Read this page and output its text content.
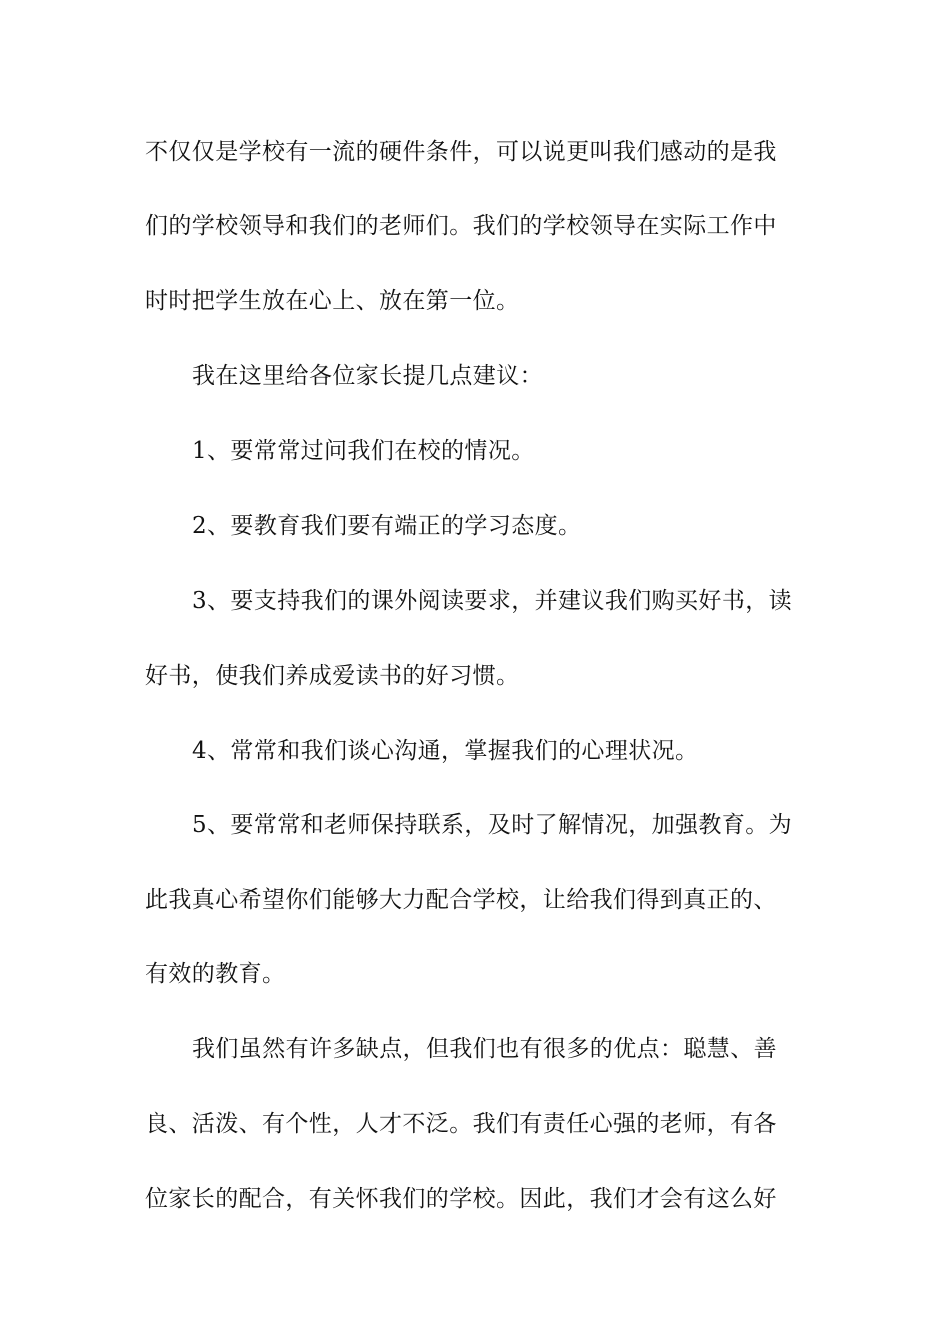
不仅仅是学校有一流的硬件条件，可以说更叫我们感动的是我
们的学校领导和我们的老师们。我们的学校领导在实际工作中
时时把学生放在心上、放在第一位。
我在这里给各位家长提几点建议：
1、要常常过问我们在校的情况。
2、要教育我们要有端正的学习态度。
3、要支持我们的课外阅读要求，并建议我们购买好书，读
好书，使我们养成爱读书的好习惯。
4、常常和我们谈心沟通，掌握我们的心理状况。
5、要常常和老师保持联系，及时了解情况，加强教育。为
此我真心希望你们能够大力配合学校，让给我们得到真正的、
有效的教育。
我们虽然有许多缺点，但我们也有很多的优点：聪慧、善
良、活泼、有个性，人才不泛。我们有责任心强的老师，有各
位家长的配合，有关怀我们的学校。因此，我们才会有这么好
